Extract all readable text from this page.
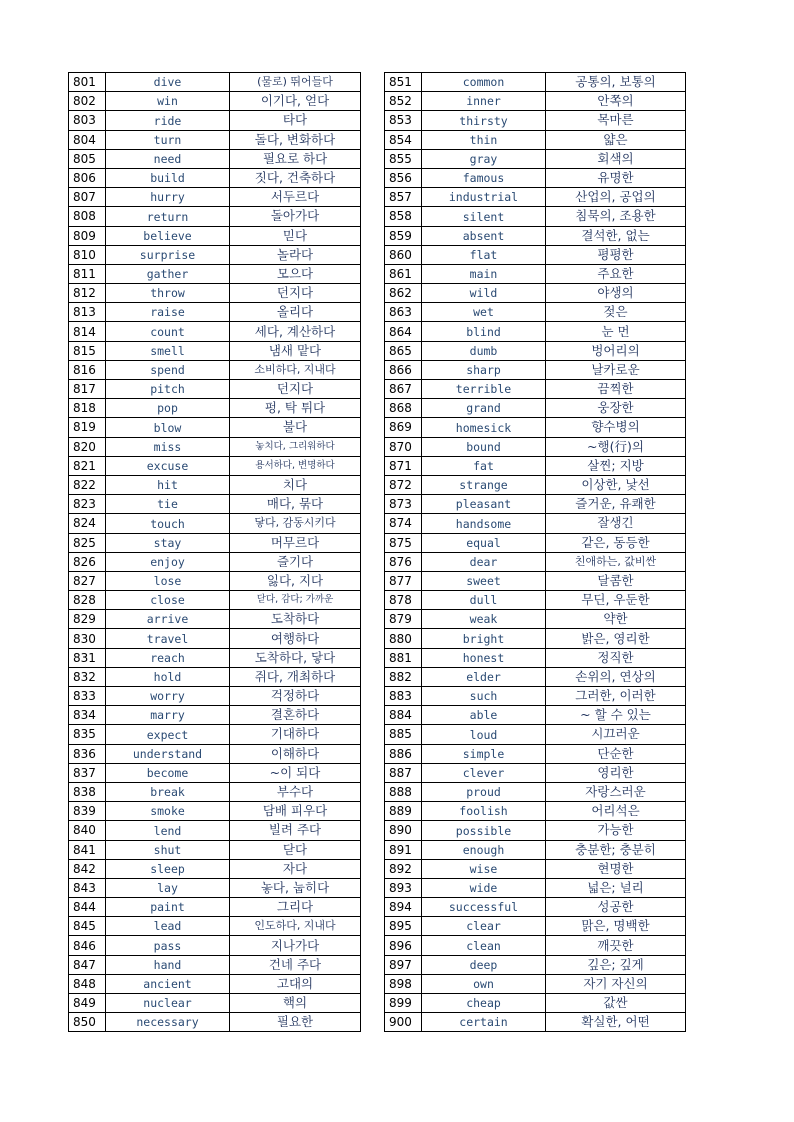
801	dive	(물로) 뛰어들다
802	win	이기다, 얻다
803	ride	타다
804	turn	돌다, 변화하다
805	need	필요로 하다
806	build	짓다, 건축하다
807	hurry	서두르다
808	return	돌아가다
809	believe	믿다
810	surprise	놀라다
811	gather	모으다
812	throw	던지다
813	raise	올리다
814	count	세다, 계산하다
815	smell	냄새 맡다
816	spend	소비하다, 지내다
817	pitch	던지다
818	pop	펑, 탁 튀다
819	blow	불다
820	miss	놓치다, 그리워하다
821	excuse	용서하다, 변명하다
822	hit	치다
823	tie	매다, 묶다
824	touch	닿다, 감동시키다
825	stay	머무르다
826	enjoy	즐기다
827	lose	잃다, 지다
828	close	닫다, 감다; 가까운
829	arrive	도착하다
830	travel	여행하다
831	reach	도착하다, 닿다
832	hold	쥐다, 개최하다
833	worry	걱정하다
834	marry	결혼하다
835	expect	기대하다
836	understand	이해하다
837	become	~이 되다
838	break	부수다
839	smoke	담배 피우다
840	lend	빌려 주다
841	shut	닫다
842	sleep	자다
843	lay	놓다, 눕히다
844	paint	그리다
845	lead	인도하다, 지내다
846	pass	지나가다
847	hand	건네 주다
848	ancient	고대의
849	nuclear	핵의
850	necessary	필요한
851	common	공통의, 보통의
852	inner	안쪽의
853	thirsty	목마른
854	thin	얇은
855	gray	회색의
856	famous	유명한
857	industrial	산업의, 공업의
858	silent	침묵의, 조용한
859	absent	결석한, 없는
860	flat	평평한
861	main	주요한
862	wild	야생의
863	wet	젖은
864	blind	눈 먼
865	dumb	벙어리의
866	sharp	날카로운
867	terrible	끔찍한
868	grand	웅장한
869	homesick	향수병의
870	bound	~행(行)의
871	fat	살찐; 지방
872	strange	이상한, 낯선
873	pleasant	즐거운, 유쾌한
874	handsome	잘생긴
875	equal	같은, 동등한
876	dear	친애하는, 값비싼
877	sweet	달콤한
878	dull	무딘, 우둔한
879	weak	약한
880	bright	밝은, 영리한
881	honest	정직한
882	elder	손위의, 연상의
883	such	그러한, 이러한
884	able	~ 할 수 있는
885	loud	시끄러운
886	simple	단순한
887	clever	영리한
888	proud	자랑스러운
889	foolish	어리석은
890	possible	가능한
891	enough	충분한; 충분히
892	wise	현명한
893	wide	넓은; 널리
894	successful	성공한
895	clear	맑은, 명백한
896	clean	깨끗한
897	deep	깊은; 깊게
898	own	자기 자신의
899	cheap	값싼
900	certain	확실한, 어떤
